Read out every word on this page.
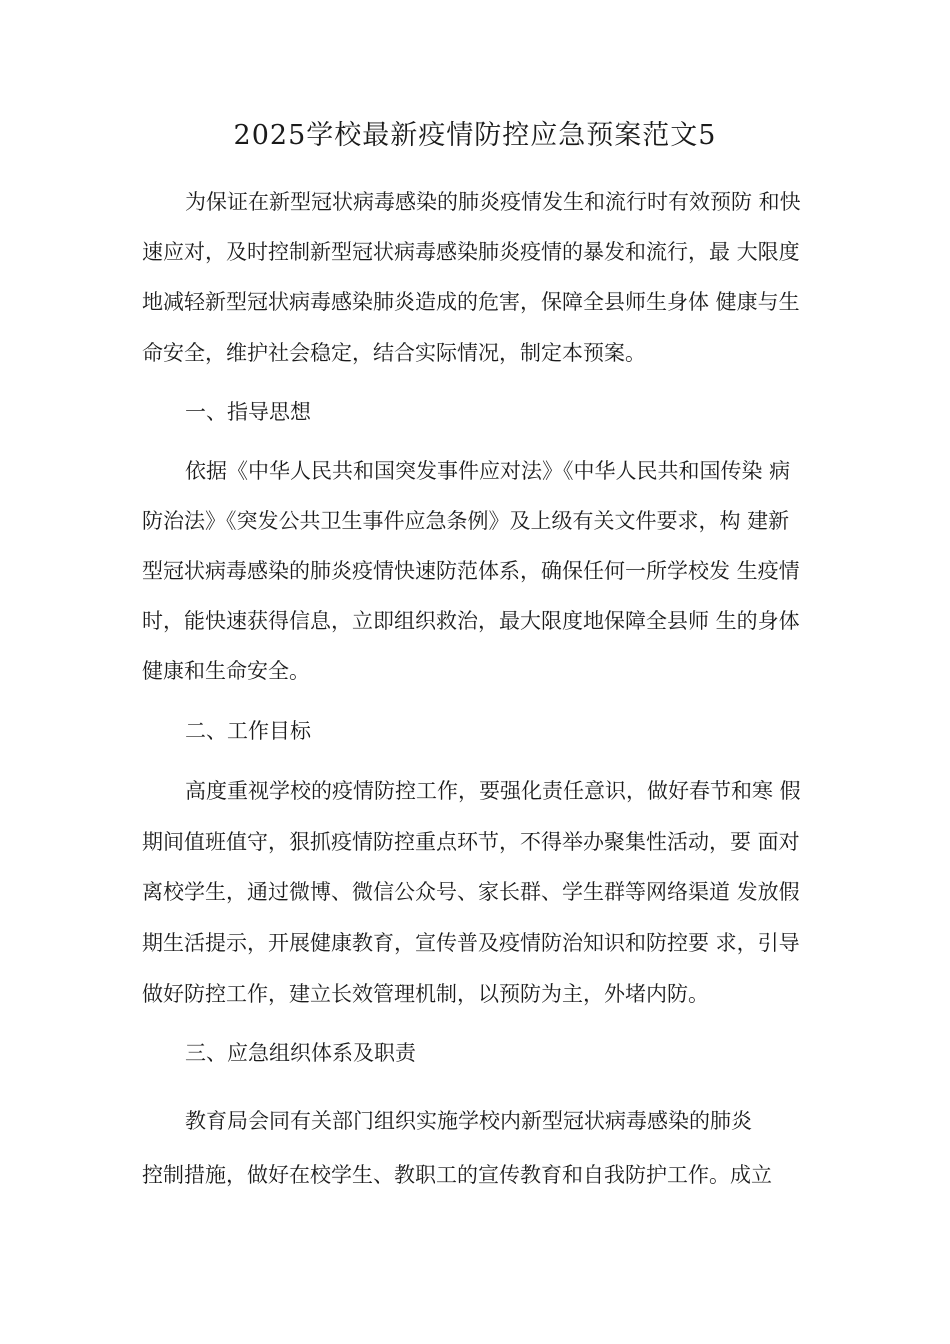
2025学校最新疫情防控应急预案范文5
为保证在新型冠状病毒感染的肺炎疫情发生和流行时有效预防 和快
速应对，及时控制新型冠状病毒感染肺炎疫情的暴发和流行，最 大限度
地减轻新型冠状病毒感染肺炎造成的危害，保障全县师生身体 健康与生
命安全，维护社会稳定，结合实际情况，制定本预案。
一、指导思想
依据《中华人民共和国突发事件应对法》《中华人民共和国传染 病
防治法》《突发公共卫生事件应急条例》及上级有关文件要求，构 建新
型冠状病毒感染的肺炎疫情快速防范体系，确保任何一所学校发 生疫情
时，能快速获得信息，立即组织救治，最大限度地保障全县师 生的身体
健康和生命安全。
二、工作目标
高度重视学校的疫情防控工作，要强化责任意识，做好春节和寒 假
期间值班值守，狠抓疫情防控重点环节，不得举办聚集性活动，要 面对
离校学生，通过微博、微信公众号、家长群、学生群等网络渠道 发放假
期生活提示，开展健康教育，宣传普及疫情防治知识和防控要 求，引导
做好防控工作，建立长效管理机制，以预防为主，外堵内防。
三、应急组织体系及职责
教育局会同有关部门组织实施学校内新型冠状病毒感染的肺炎
控制措施，做好在校学生、教职工的宣传教育和自我防护工作。成立
